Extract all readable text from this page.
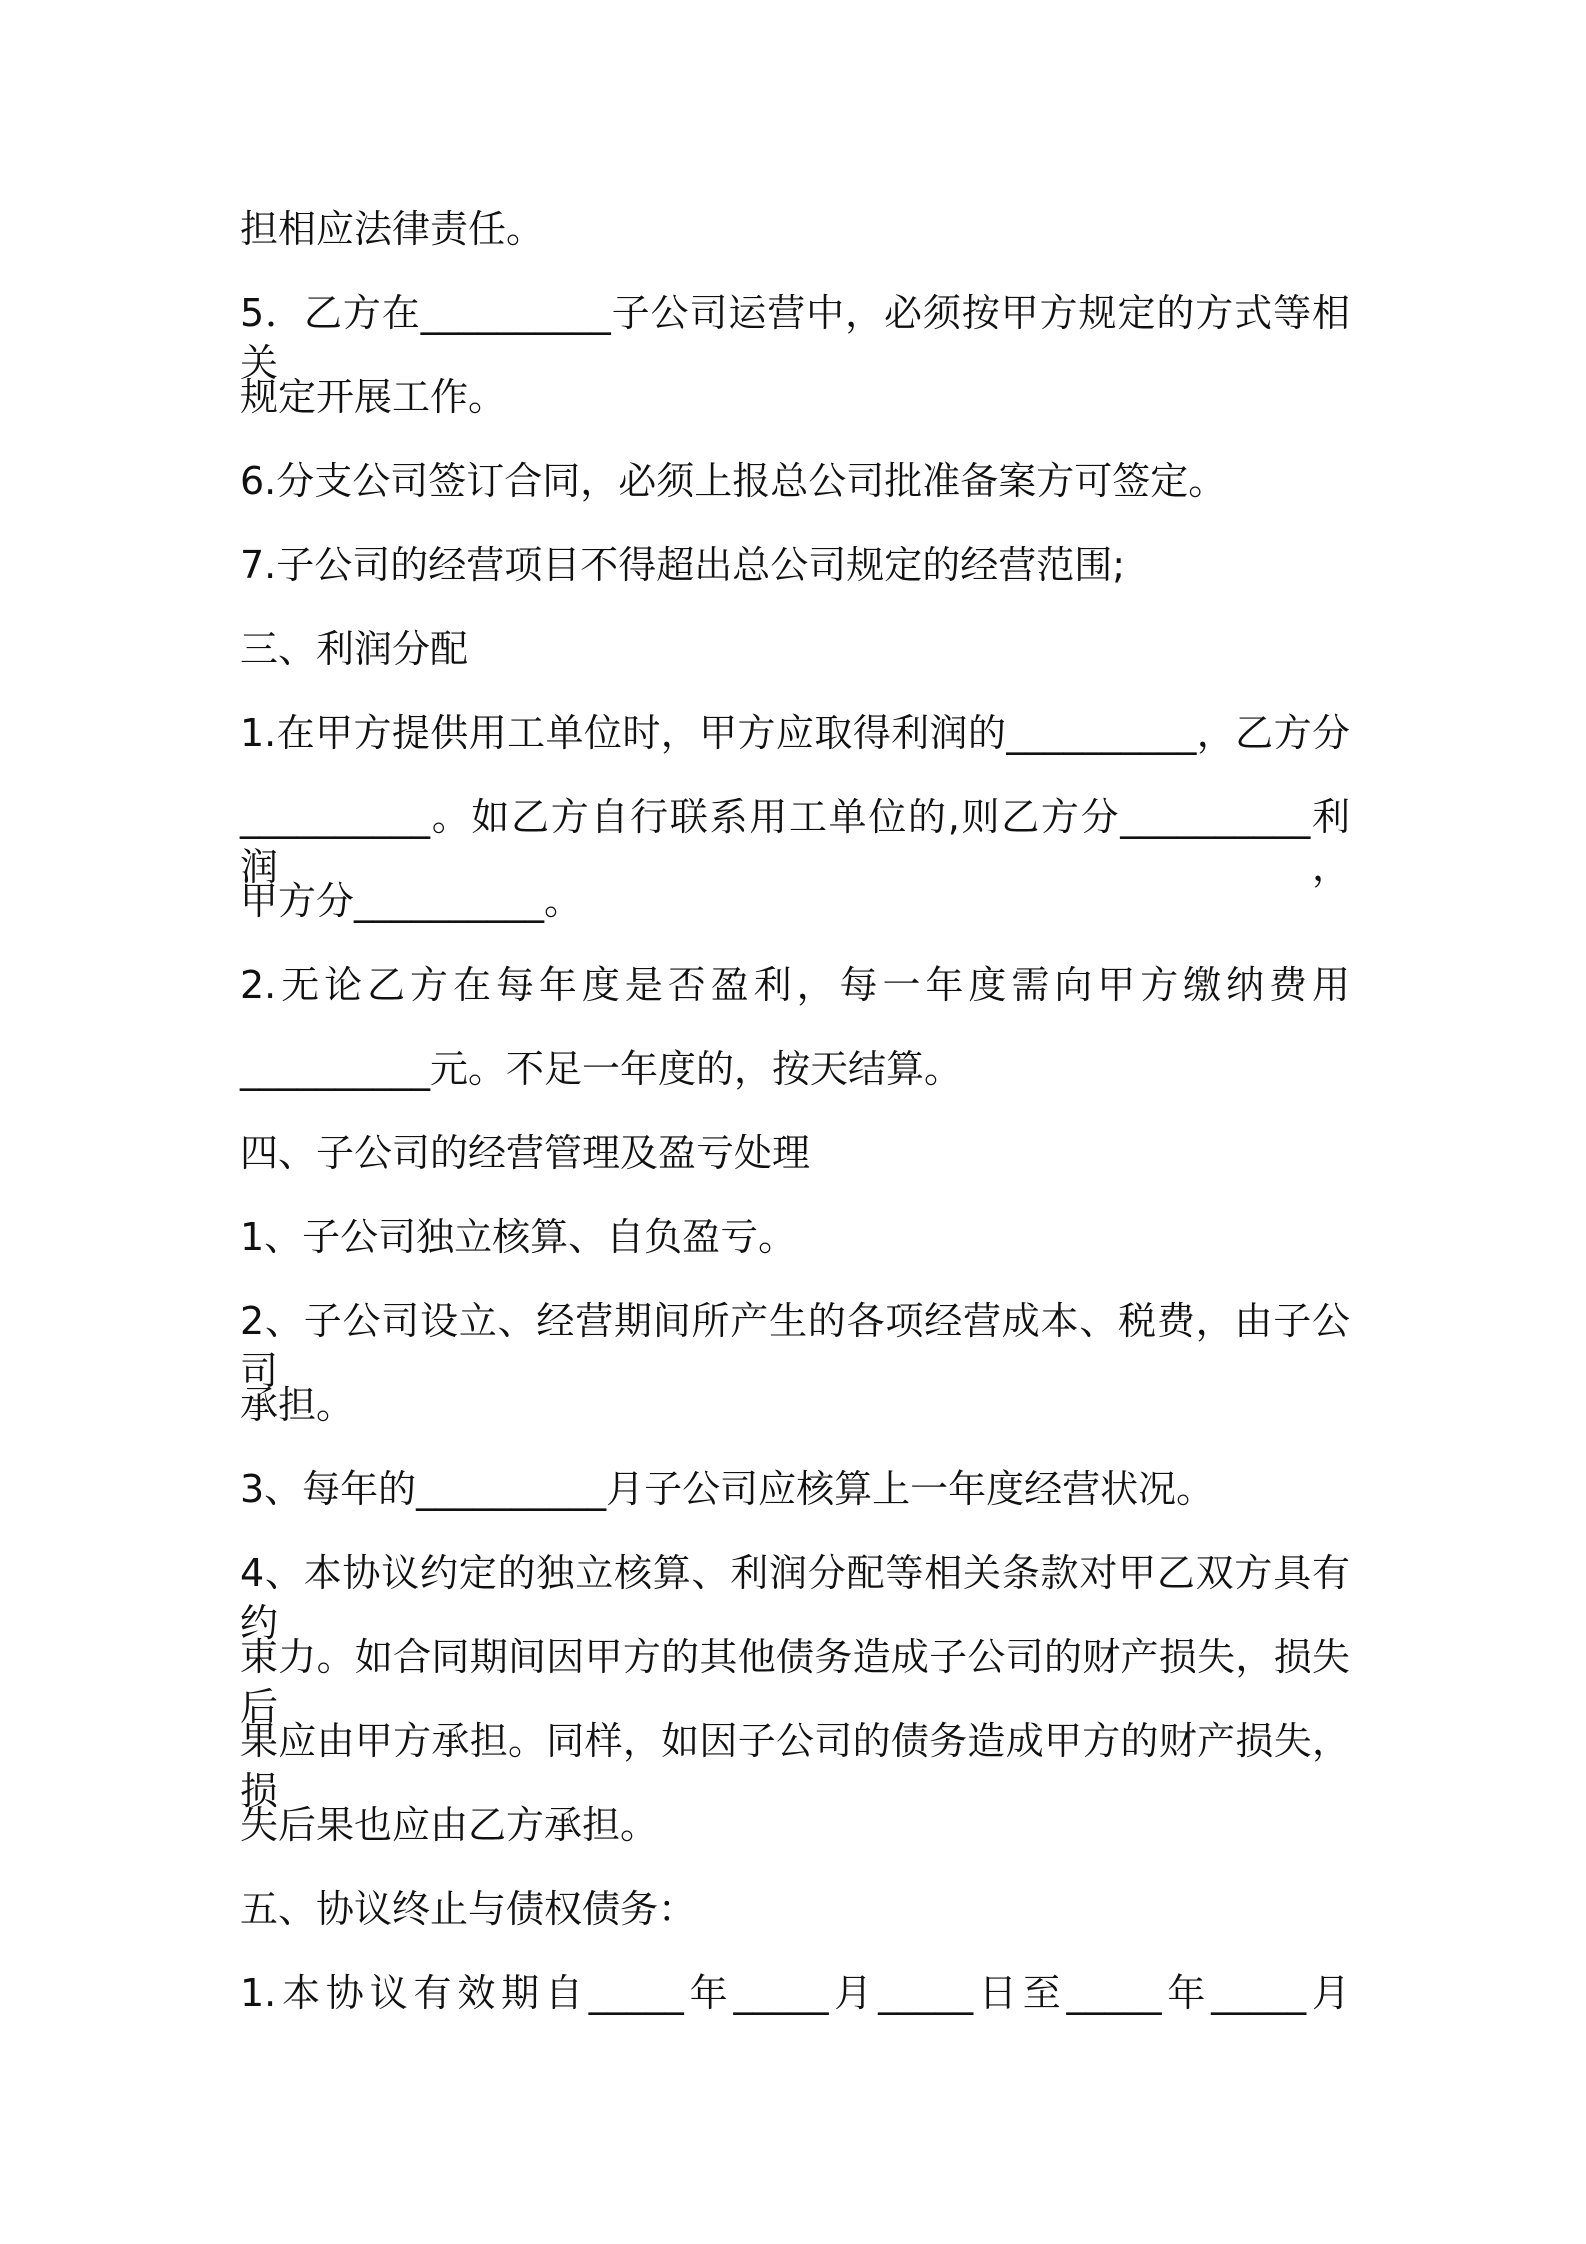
担相应法律责任。
5．乙方在__________子公司运营中，必须按甲方规定的方式等相关
规定开展工作。
6.分支公司签订合同，必须上报总公司批准备案方可签定。
7.子公司的经营项目不得超出总公司规定的经营范围;
三、利润分配
1.在甲方提供用工单位时，甲方应取得利润的__________，乙方分
__________。如乙方自行联系用工单位的,则乙方分__________利润，
甲方分__________。
2.无论乙方在每年度是否盈利，每一年度需向甲方缴纳费用
__________元。不足一年度的，按天结算。
四、子公司的经营管理及盈亏处理
1、子公司独立核算、自负盈亏。
2、子公司设立、经营期间所产生的各项经营成本、税费，由子公司
承担。
3、每年的__________月子公司应核算上一年度经营状况。
4、本协议约定的独立核算、利润分配等相关条款对甲乙双方具有约
束力。如合同期间因甲方的其他债务造成子公司的财产损失，损失后
果应由甲方承担。同样，如因子公司的债务造成甲方的财产损失，损
失后果也应由乙方承担。
五、协议终止与债权债务：
1.本协议有效期自_____年_____月_____日至_____年_____月
